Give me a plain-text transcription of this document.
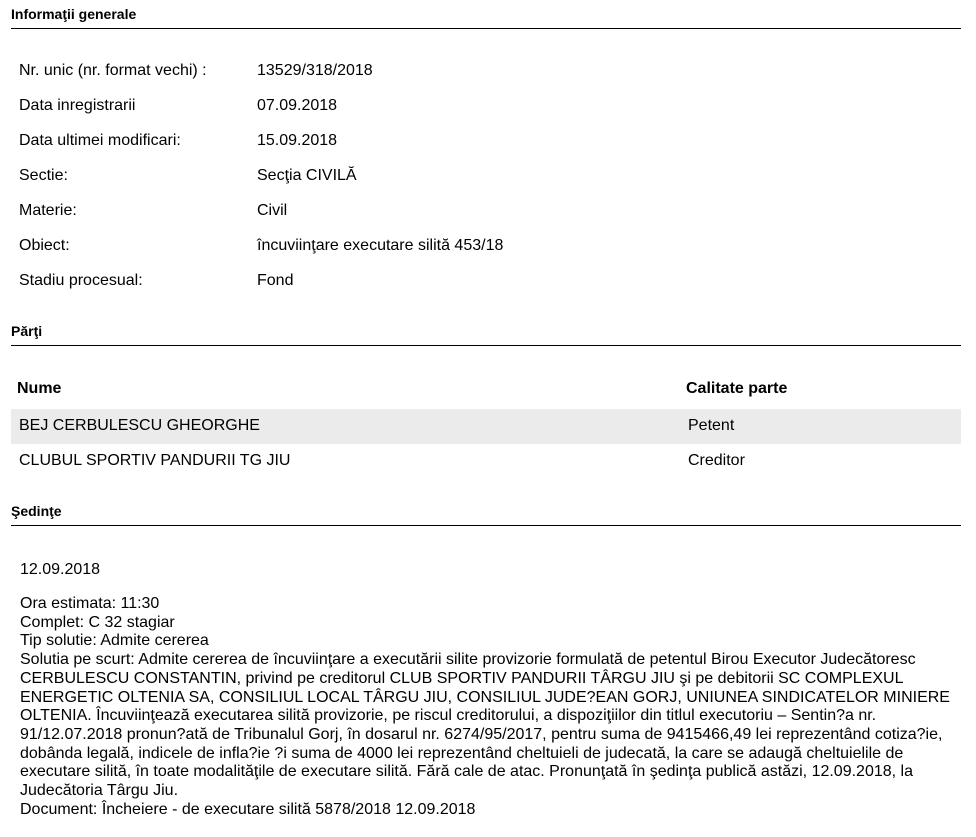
Informaţii generale
Nr. unic (nr. format vechi) :	13529/318/2018
Data inregistrarii	07.09.2018
Data ultimei modificari:	15.09.2018
Sectie:	Secţia CIVILĂ
Materie:	Civil
Obiect:	încuviinţare executare silită 453/18
Stadiu procesual:	Fond
Părţi
Nume	Calitate parte
BEJ CERBULESCU GHEORGHE	Petent
CLUBUL SPORTIV PANDURII TG JIU	Creditor
Şedinţe
12.09.2018
Ora estimata: 11:30
Complet: C 32 stagiar
Tip solutie: Admite cererea
Solutia pe scurt: Admite cererea de încuviinţare a executării silite provizorie formulată de petentul Birou Executor Judecătoresc CERBULESCU CONSTANTIN, privind pe creditorul CLUB SPORTIV PANDURII TÂRGU JIU şi pe debitorii SC COMPLEXUL ENERGETIC OLTENIA SA, CONSILIUL LOCAL TÂRGU JIU, CONSILIUL JUDE?EAN GORJ, UNIUNEA SINDICATELOR MINIERE OLTENIA. Încuviinţează executarea silită provizorie, pe riscul creditorului, a dispoziţiilor din titlul executoriu – Sentin?a nr. 91/12.07.2018 pronun?ată de Tribunalul Gorj, în dosarul nr. 6274/95/2017, pentru suma de 9415466,49 lei reprezentând cotiza?ie, dobânda legală, indicele de infla?ie ?i suma de 4000 lei reprezentând cheltuieli de judecată, la care se adaugă cheltuielile de executare silită, în toate modalităţile de executare silită. Fără cale de atac. Pronunţată în şedinţa publică astăzi, 12.09.2018, la Judecătoria Târgu Jiu.
Document: Încheiere - de executare silită 5878/2018 12.09.2018
